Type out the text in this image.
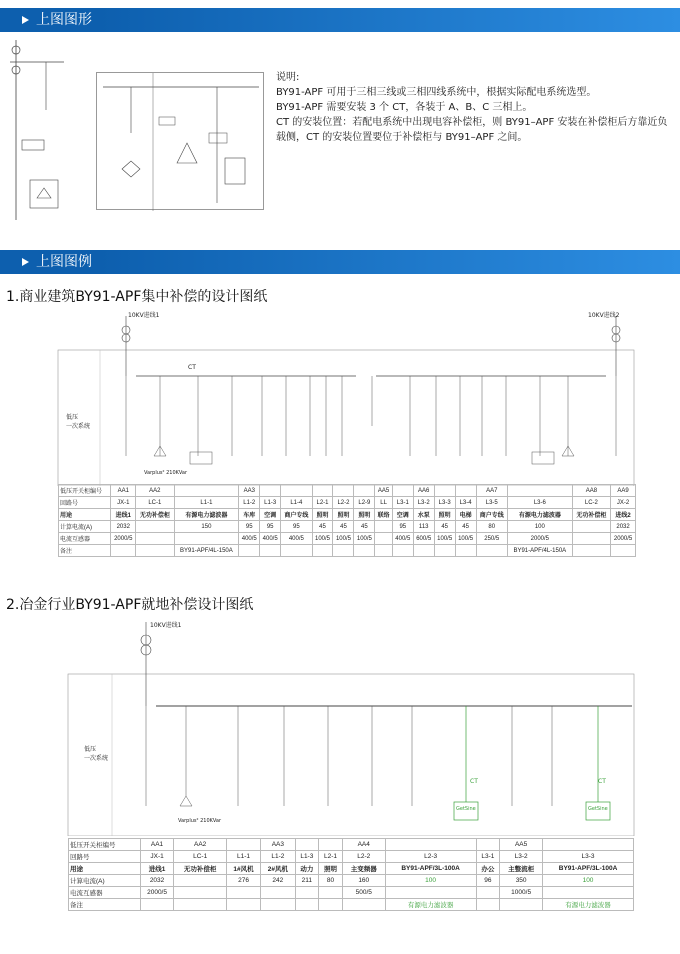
上图图形
说明:
BY91-APF 可用于三相三线或三相四线系统中，根据实际配电系统选型。
BY91-APF 需要安装 3 个 CT，各装于 A、B、C 三相上。
CT 的安装位置：若配电系统中出现电容补偿柜，则 BY91–APF 安装在补偿柜后方靠近负载侧，CT 的安装位置要位于补偿柜与 BY91–APF 之间。
上图图例
1.商业建筑BY91-APF集中补偿的设计图纸
10KV进线1	10KV进线2
低压
一次系统
Varplus² 210KVar
CT
低压开关柜编号	AA1	AA2		AA3						AA5		AA6			AA7		AA8	AA9
回路号	JX-1	LC-1	L1-1	L1-2	L1-3	L1-4	L2-1	L2-2	L2-9	LL	L3-1	L3-2	L3-3	L3-4	L3-5	L3-6	LC-2	JX-2
用途	进线1	无功补偿柜	有源电力滤波器	车库	空调	商户专线	照明	照明	照明	联络	空调	水泵	照明	电梯	商户专线	有源电力滤波器	无功补偿柜	进线2
计算电流(A)	2032		150	95	95	95	45	45	45		95	113	45	45	80	100		2032
电流互感器	2000/5			400/5	400/5	400/5	100/5	100/5	100/5		400/5	600/5	100/5	100/5	250/5	2000/5		2000/5
备注			BY91-APF/4L-150A													BY91-APF/4L-150A		
2.冶金行业BY91-APF就地补偿设计图纸
10KV进线1
低压
一次系统
Varplus² 210KVar
CT
GetSine
CT
GetSine
低压开关柜编号	AA1	AA2		AA3			AA4			AA5	
回路号	JX-1	LC-1	L1-1	L1-2	L1-3	L2-1	L2-2	L2-3	L3-1	L3-2	L3-3
用途	进线1	无功补偿柜	1#风机	2#风机	动力	照明	主变频器	BY91-APF/3L-100A	办公	主整流柜	BY91-APF/3L-100A
计算电流(A)	2032		276	242	211	80	160	100	96	350	100
电流互感器	2000/5						500/5			1000/5	
备注								有源电力滤波器			有源电力滤波器
